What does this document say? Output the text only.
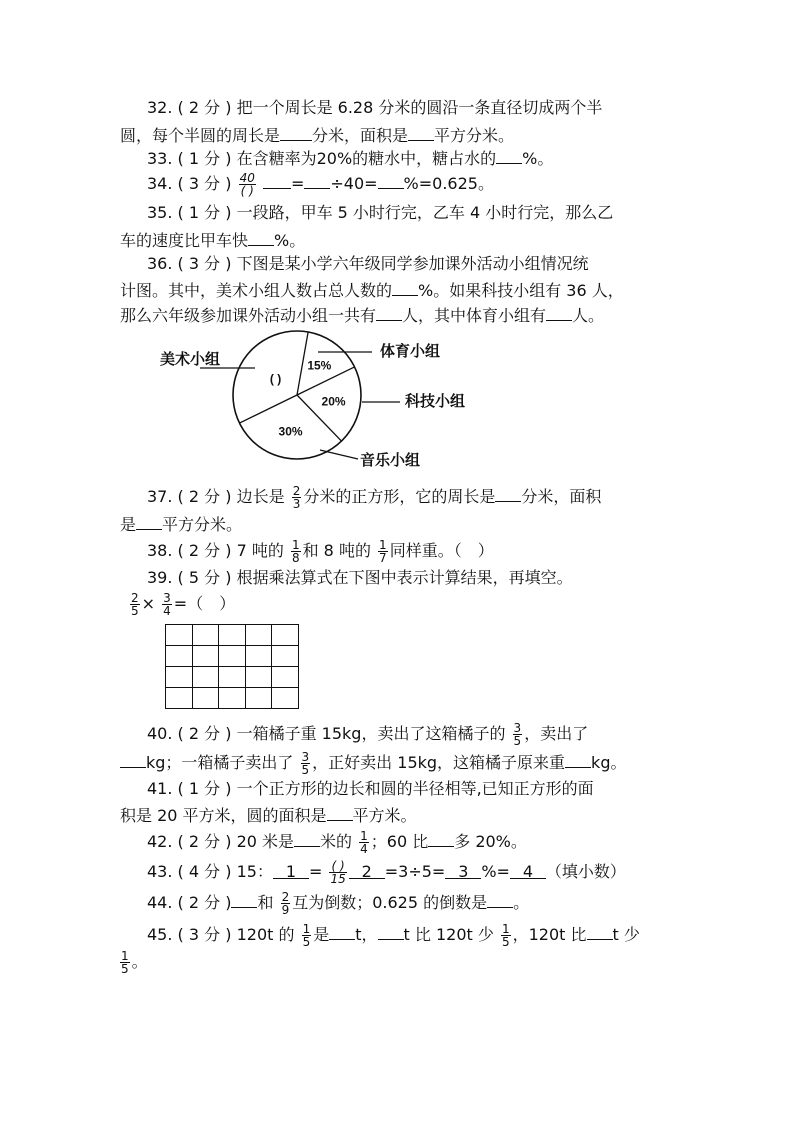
32. ( 2 分 ) 把一个周长是 6.28 分米的圆沿一条直径切成两个半
圆，每个半圆的周长是 分米，面积是 平方分米。
33. ( 1 分 ) 在含糖率为20%的糖水中，糖占水的 %。
34. ( 3 分 ) $\frac{40}{( )} = \div 40= \%=0.625$。
35. ( 1 分 ) 一段路，甲车 5 小时行完，乙车 4 小时行完，那么乙
车的速度比甲车快 %。
36. ( 3 分 ) 下图是某小学六年级同学参加课外活动小组情况统
计图。其中，美术小组人数占总人数的 %。如果科技小组有 36 人，
那么六年级参加课外活动小组一共有 人，其中体育小组有 人。
( )
美术小组	15%
体育小组
20%	科技小组
30%
音乐小组
37. ( 2 分 ) 边长是 $\frac{2}{3}$ 分米的正方形，它的周长是 分米，面积
是 平方分米。
38. ( 2 分 ) 7 吨的 $\frac{1}{8}$ 和 8 吨的 $\frac{1}{7}$ 同样重。（　）
39. ( 5 分 ) 根据乘法算式在下图中表示计算结果，再填空。
$\frac{2}{5} \times \frac{3}{4}$ =（　）

40. ( 2 分 ) 一箱橘子重 15kg，卖出了这箱橘子的 $\frac{3}{5}$ ，卖出了
kg；一箱橘子卖出了 $\frac{3}{5}$ ，正好卖出 15kg，这箱橘子原来重 kg。
41. ( 1 分 ) 一个正方形的边长和圆的半径相等,已知正方形的面
积是 20 平方米，圆的面积是 平方米。
42. ( 2 分 ) 20 米是 米的 $\frac{1}{4}$ ；60 比 多 20%。
43. ( 4 分 ) 15： $1 = \frac{( )}{15} 2 =3\div 5= 3$ %= 4 （填小数）
44. ( 2 分 ) 和 $\frac{2}{9}$ 互为倒数；0.625 的倒数是 。
45. ( 3 分 ) 120t 的 $\frac{1}{5}$ 是 t， t 比 120t 少 $\frac{1}{5}$ ，120t 比 t 少
$\frac{1}{5}$ 。
